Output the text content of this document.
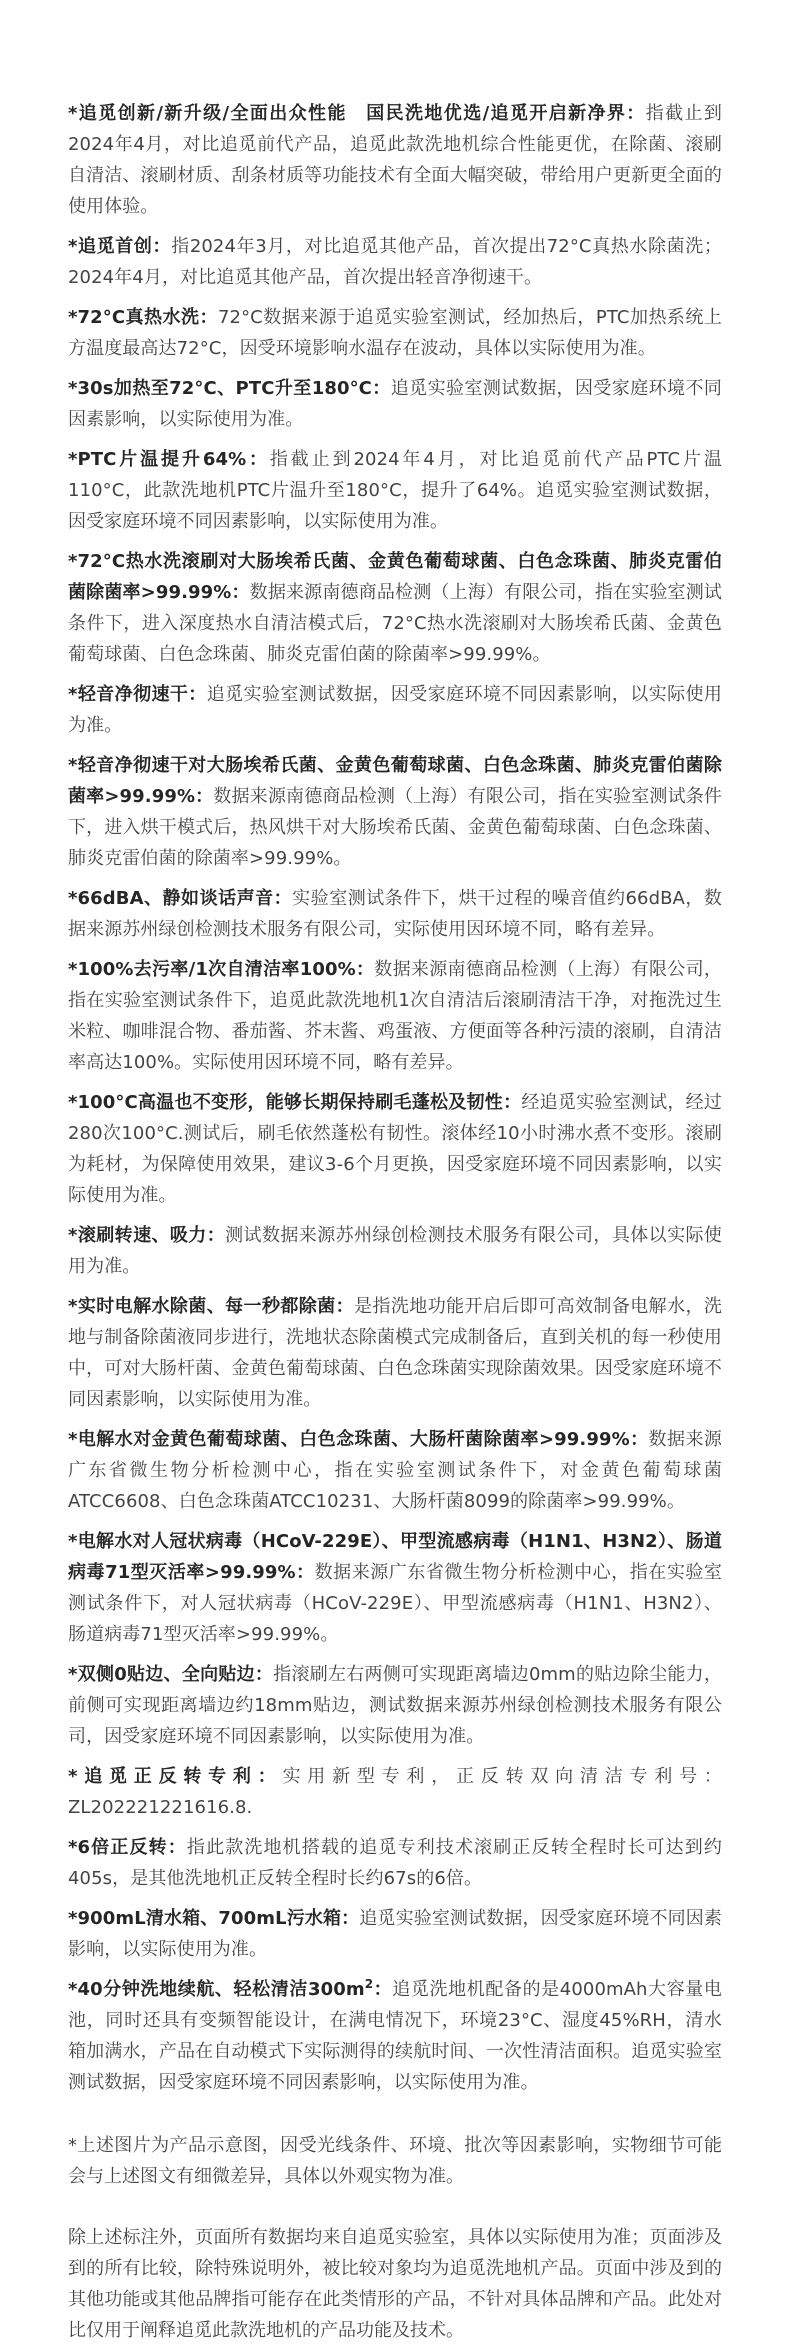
*追觅创新/新升级/全面出众性能　国民洗地优选/追觅开启新净界：指截止到2024年4月，对比追觅前代产品，追觅此款洗地机综合性能更优，在除菌、滚刷自清洁、滚刷材质、刮条材质等功能技术有全面大幅突破，带给用户更新更全面的使用体验。

*追觅首创：指2024年3月，对比追觅其他产品，首次提出72°C真热水除菌洗；2024年4月，对比追觅其他产品，首次提出轻音净彻速干。

*72°C真热水洗：72°C数据来源于追觅实验室测试，经加热后，PTC加热系统上方温度最高达72°C，因受环境影响水温存在波动，具体以实际使用为准。

*30s加热至72°C、PTC升至180°C：追觅实验室测试数据，因受家庭环境不同因素影响，以实际使用为准。

*PTC片温提升64%：指截止到2024年4月，对比追觅前代产品PTC片温110°C，此款洗地机PTC片温升至180°C，提升了64%。追觅实验室测试数据，因受家庭环境不同因素影响，以实际使用为准。

*72°C热水洗滚刷对大肠埃希氏菌、金黄色葡萄球菌、白色念珠菌、肺炎克雷伯菌除菌率>99.99%：数据来源南德商品检测（上海）有限公司，指在实验室测试条件下，进入深度热水自清洁模式后，72°C热水洗滚刷对大肠埃希氏菌、金黄色葡萄球菌、白色念珠菌、肺炎克雷伯菌的除菌率>99.99%。

*轻音净彻速干：追觅实验室测试数据，因受家庭环境不同因素影响，以实际使用为准。

*轻音净彻速干对大肠埃希氏菌、金黄色葡萄球菌、白色念珠菌、肺炎克雷伯菌除菌率>99.99%：数据来源南德商品检测（上海）有限公司，指在实验室测试条件下，进入烘干模式后，热风烘干对大肠埃希氏菌、金黄色葡萄球菌、白色念珠菌、肺炎克雷伯菌的除菌率>99.99%。

*66dBA、静如谈话声音：实验室测试条件下，烘干过程的噪音值约66dBA，数据来源苏州绿创检测技术服务有限公司，实际使用因环境不同，略有差异。

*100%去污率/1次自清洁率100%：数据来源南德商品检测（上海）有限公司，指在实验室测试条件下，追觅此款洗地机1次自清洁后滚刷清洁干净，对拖洗过生米粒、咖啡混合物、番茄酱、芥末酱、鸡蛋液、方便面等各种污渍的滚刷，自清洁率高达100%。实际使用因环境不同，略有差异。

*100°C高温也不变形，能够长期保持刷毛蓬松及韧性：经追觅实验室测试，经过280次100°C.测试后，刷毛依然蓬松有韧性。滚体经10小时沸水煮不变形。滚刷为耗材，为保障使用效果，建议3-6个月更换，因受家庭环境不同因素影响，以实际使用为准。

*滚刷转速、吸力：测试数据来源苏州绿创检测技术服务有限公司，具体以实际使用为准。

*实时电解水除菌、每一秒都除菌：是指洗地功能开启后即可高效制备电解水，洗地与制备除菌液同步进行，洗地状态除菌模式完成制备后，直到关机的每一秒使用中，可对大肠杆菌、金黄色葡萄球菌、白色念珠菌实现除菌效果。因受家庭环境不同因素影响，以实际使用为准。

*电解水对金黄色葡萄球菌、白色念珠菌、大肠杆菌除菌率>99.99%：数据来源广东省微生物分析检测中心，指在实验室测试条件下，对金黄色葡萄球菌ATCC6608、白色念珠菌ATCC10231、大肠杆菌8099的除菌率>99.99%。

*电解水对人冠状病毒（HCoV-229E）、甲型流感病毒（H1N1、H3N2）、肠道病毒71型灭活率>99.99%：数据来源广东省微生物分析检测中心，指在实验室测试条件下，对人冠状病毒（HCoV-229E）、甲型流感病毒（H1N1、H3N2）、肠道病毒71型灭活率>99.99%。

*双侧0贴边、全向贴边：指滚刷左右两侧可实现距离墙边0mm的贴边除尘能力，前侧可实现距离墙边约18mm贴边，测试数据来源苏州绿创检测技术服务有限公司，因受家庭环境不同因素影响，以实际使用为准。

*追觅正反转专利：实用新型专利，正反转双向清洁专利号：ZL202221221616.8.

*6倍正反转：指此款洗地机搭载的追觅专利技术滚刷正反转全程时长可达到约405s，是其他洗地机正反转全程时长约67s的6倍。

*900mL清水箱、700mL污水箱：追觅实验室测试数据，因受家庭环境不同因素影响，以实际使用为准。

*40分钟洗地续航、轻松清洁$300m^2$：追觅洗地机配备的是4000mAh大容量电池，同时还具有变频智能设计，在满电情况下，环境23°C、湿度45%RH，清水箱加满水，产品在自动模式下实际测得的续航时间、一次性清洁面积。追觅实验室测试数据，因受家庭环境不同因素影响，以实际使用为准。

*上述图片为产品示意图，因受光线条件、环境、批次等因素影响，实物细节可能会与上述图文有细微差异，具体以外观实物为准。
除上述标注外，页面所有数据均来自追觅实验室，具体以实际使用为准；页面涉及到的所有比较，除特殊说明外，被比较对象均为追觅洗地机产品。页面中涉及到的其他功能或其他品牌指可能存在此类情形的产品，不针对具体品牌和产品。此处对比仅用于阐释追觅此款洗地机的产品功能及技术。
